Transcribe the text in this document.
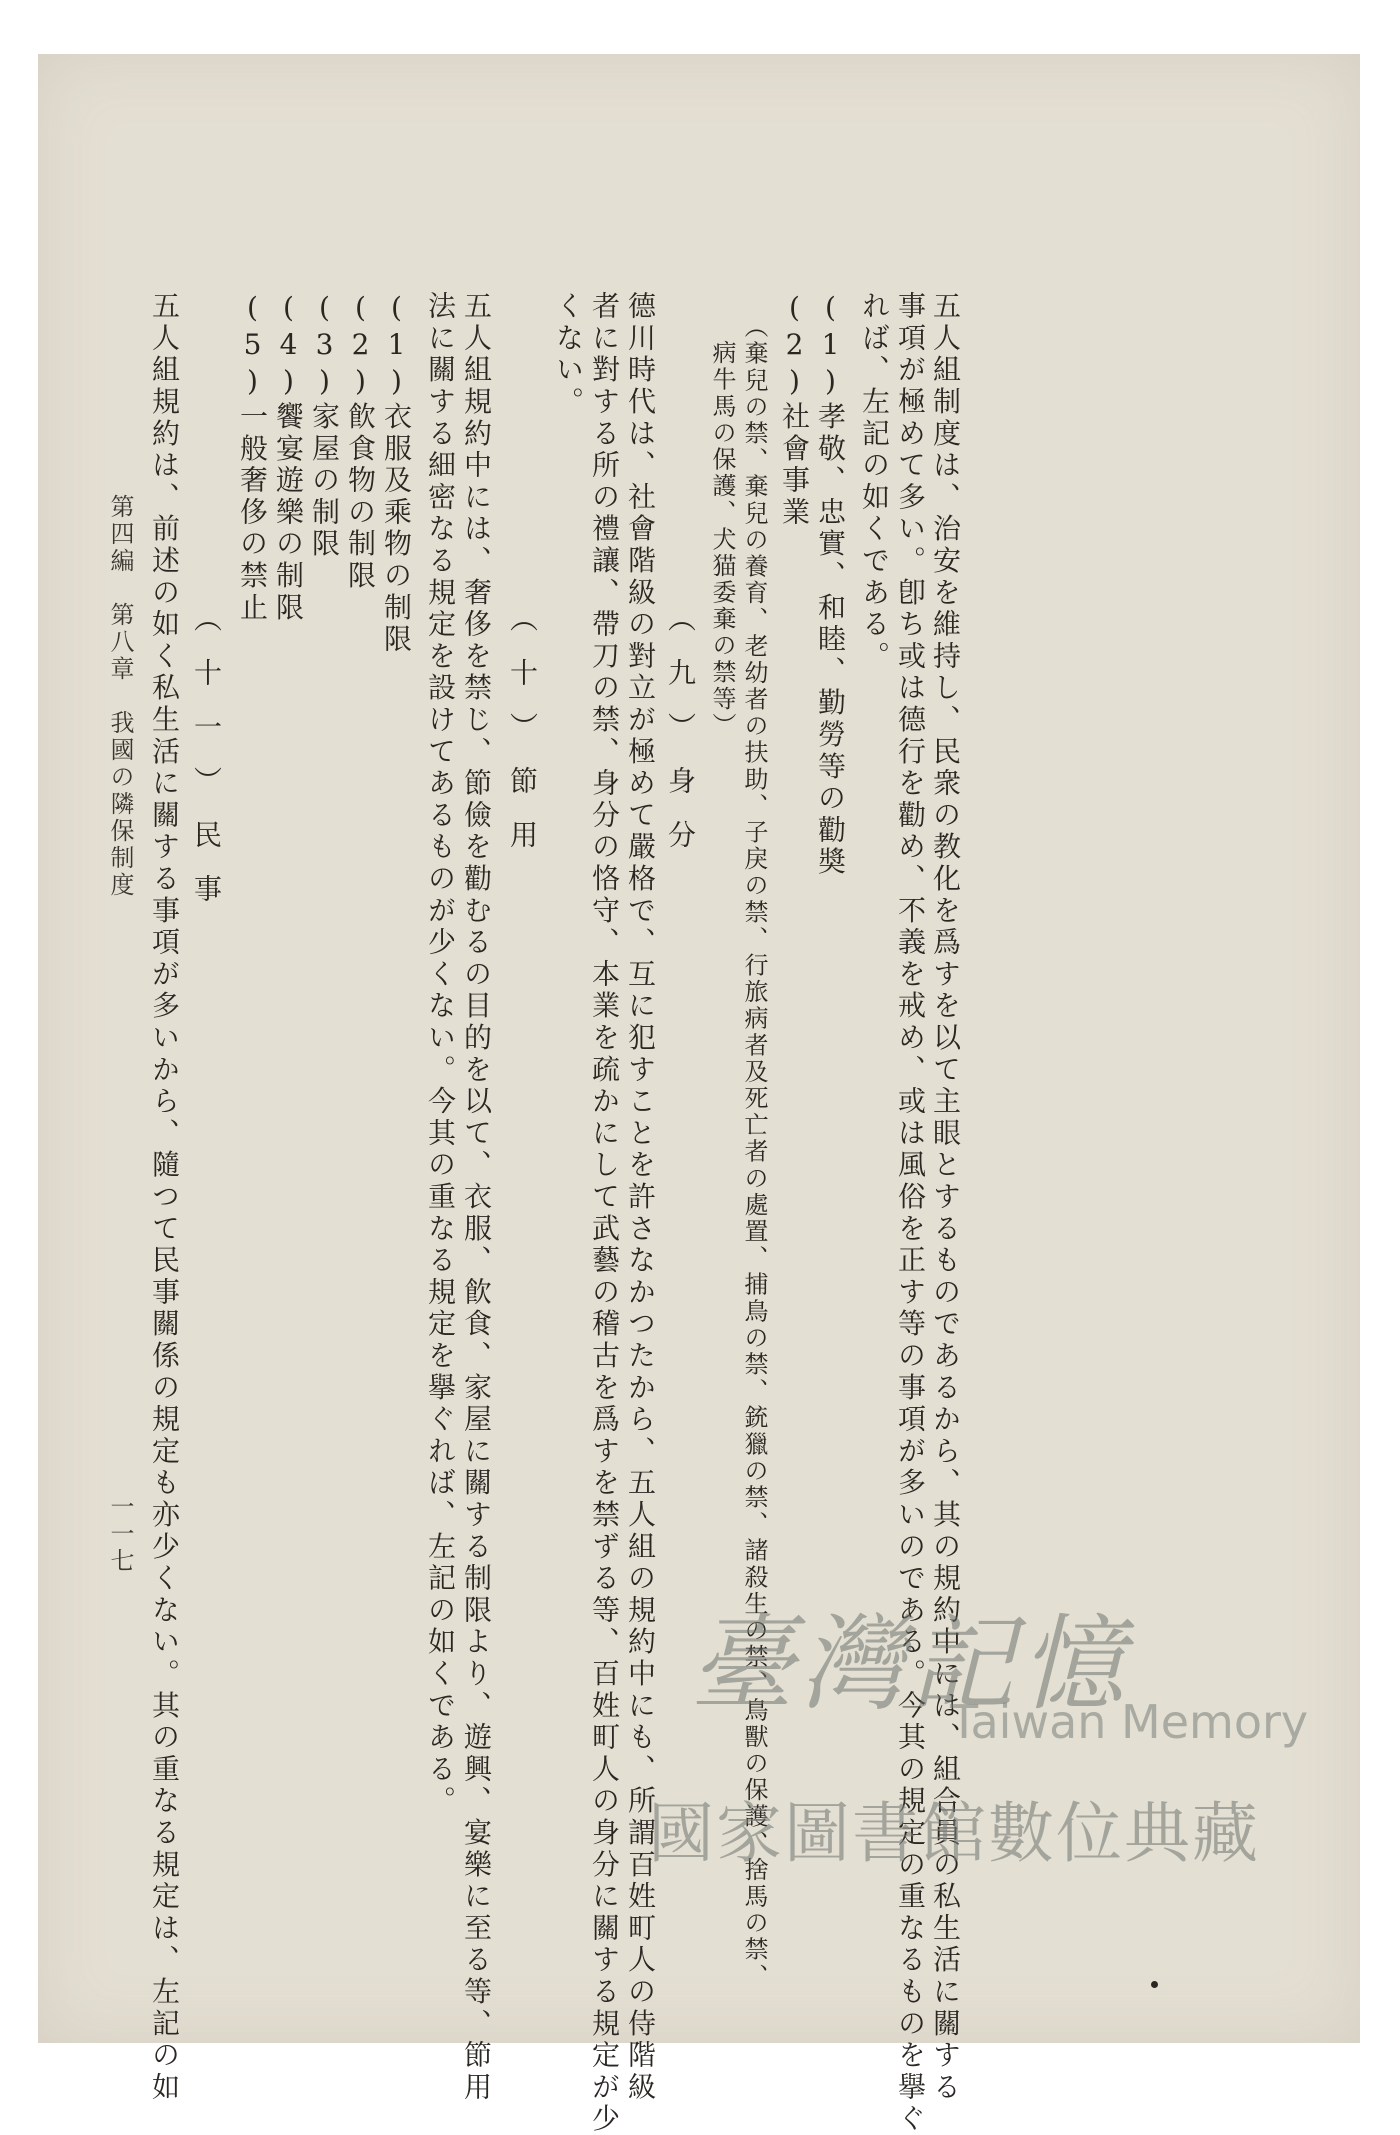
五人組制度は、治安を維持し、民衆の教化を爲すを以て主眼とするものであるから、其の規約中には、組合員の私生活に關する
事項が極めて多い。卽ち或は德行を勸め、不義を戒め、或は風俗を正す等の事項が多いのである。今其の規定の重なるものを擧ぐ
れば、左記の如くである。
(1)孝敬、忠實、和睦、勤勞等の勸奬
(2)社會事業
（棄兒の禁、棄兒の養育、老幼者の扶助、子戾の禁、行旅病者及死亡者の處置、捕鳥の禁、銃獵の禁、諸殺生の禁、鳥獸の保護、捨馬の禁、
病牛馬の保護、犬猫委棄の禁等）
（九）身分
德川時代は、社會階級の對立が極めて嚴格で、互に犯すことを許さなかつたから、五人組の規約中にも、所謂百姓町人の侍階級
者に對する所の禮讓、帶刀の禁、身分の恪守、本業を疏かにして武藝の稽古を爲すを禁ずる等、百姓町人の身分に關する規定が少
くない。
（十）節用
五人組規約中には、奢侈を禁じ、節儉を勸むるの目的を以て、衣服、飮食、家屋に關する制限より、遊興、宴樂に至る等、節用
法に關する細密なる規定を設けてあるものが少くない。今其の重なる規定を擧ぐれば、左記の如くである。
(1)衣服及乘物の制限
(2)飮食物の制限
(3)家屋の制限
(4)饗宴遊樂の制限
(5)一般奢侈の禁止
（十一）民事
五人組規約は、前述の如く私生活に關する事項が多いから、隨つて民事關係の規定も亦少くない。其の重なる規定は、左記の如
第四編　第八章　我國の隣保制度
一一七
臺灣記憶
Taiwan Memory
國家圖書館數位典藏
